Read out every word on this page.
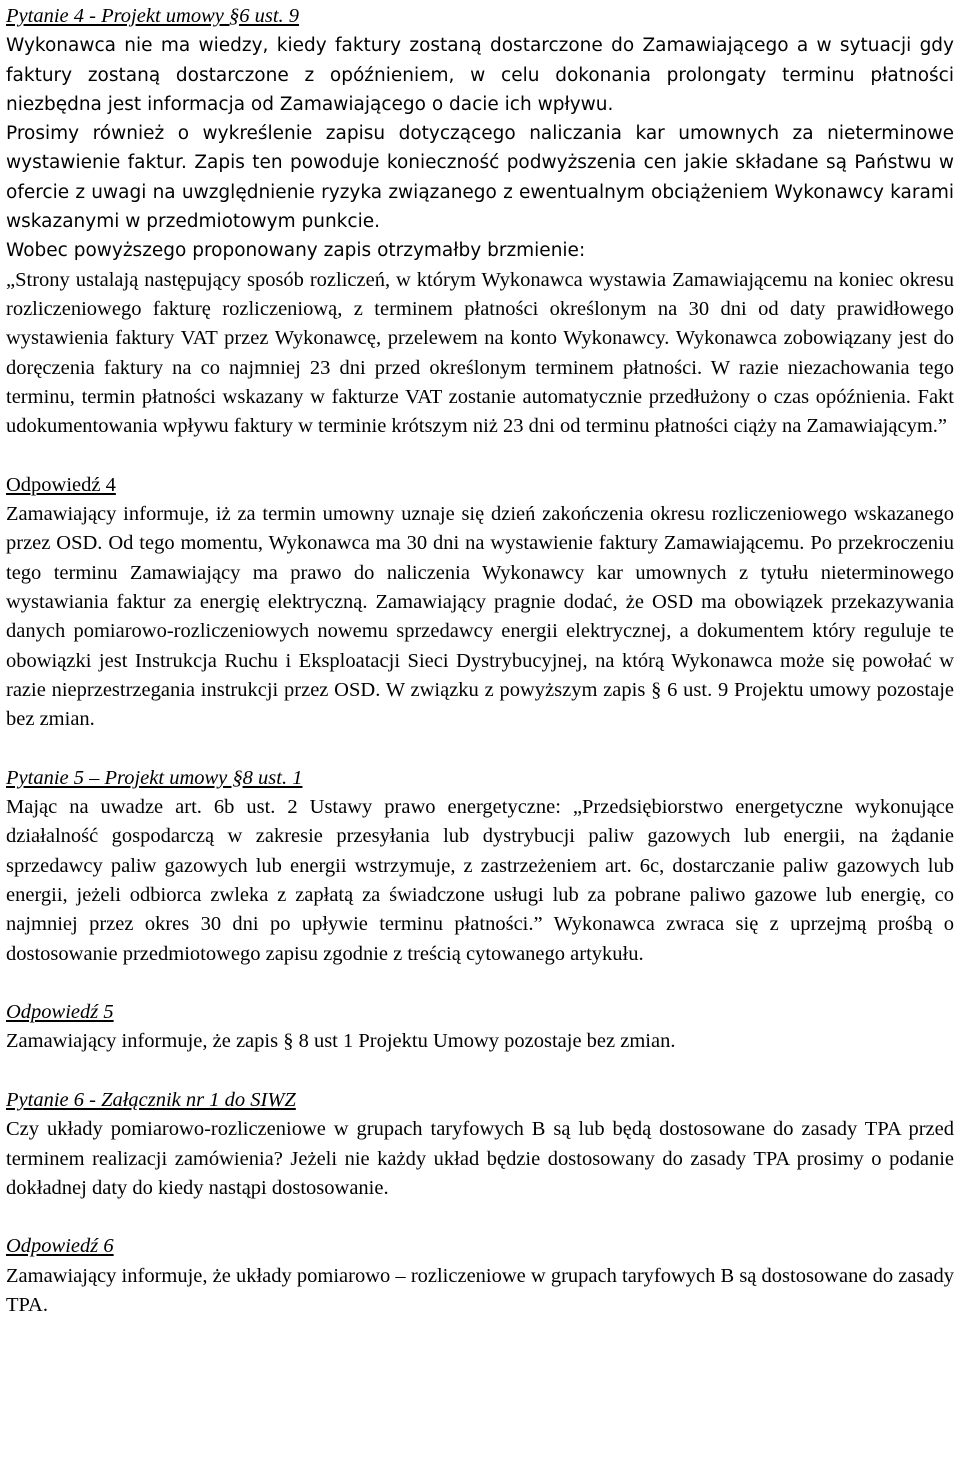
Pytanie 4 - Projekt umowy §6 ust. 9

Wykonawca nie ma wiedzy, kiedy faktury zostaną dostarczone do Zamawiającego a w sytuacji gdy faktury zostaną dostarczone z opóźnieniem, w celu dokonania prolongaty terminu płatności niezbędna jest informacja od Zamawiającego o dacie ich wpływu.

Prosimy również o wykreślenie zapisu dotyczącego naliczania kar umownych za nieterminowe wystawienie faktur. Zapis ten powoduje konieczność podwyższenia cen jakie składane są Państwu w ofercie z uwagi na uwzględnienie ryzyka związanego z ewentualnym obciążeniem Wykonawcy karami wskazanymi w przedmiotowym punkcie.

Wobec powyższego proponowany zapis otrzymałby brzmienie:

„Strony ustalają następujący sposób rozliczeń, w którym Wykonawca wystawia Zamawiającemu na koniec okresu rozliczeniowego fakturę rozliczeniową, z terminem płatności określonym na 30 dni od daty prawidłowego wystawienia faktury VAT przez Wykonawcę, przelewem na konto Wykonawcy. Wykonawca zobowiązany jest do doręczenia faktury na co najmniej 23 dni przed określonym terminem płatności. W razie niezachowania tego terminu, termin płatności wskazany w fakturze VAT zostanie automatycznie przedłużony o czas opóźnienia. Fakt udokumentowania wpływu faktury w terminie krótszym niż 23 dni od terminu płatności ciąży na Zamawiającym.”

Odpowiedź 4

Zamawiający informuje, iż za termin umowny uznaje się dzień zakończenia okresu rozliczeniowego wskazanego przez OSD. Od tego momentu, Wykonawca ma 30 dni na wystawienie faktury Zamawiającemu. Po przekroczeniu tego terminu Zamawiający ma prawo do naliczenia Wykonawcy kar umownych z tytułu nieterminowego wystawiania faktur za energię elektryczną. Zamawiający pragnie dodać, że OSD ma obowiązek przekazywania danych pomiarowo-rozliczeniowych nowemu sprzedawcy energii elektrycznej, a dokumentem który reguluje te obowiązki jest Instrukcja Ruchu i Eksploatacji Sieci Dystrybucyjnej, na którą Wykonawca może się powołać w razie nieprzestrzegania instrukcji przez OSD. W związku z powyższym zapis § 6 ust. 9 Projektu umowy pozostaje bez zmian.

Pytanie 5 – Projekt umowy §8 ust. 1

Mając na uwadze art. 6b ust. 2 Ustawy prawo energetyczne: „Przedsiębiorstwo energetyczne wykonujące działalność gospodarczą w zakresie przesyłania lub dystrybucji paliw gazowych lub energii, na żądanie sprzedawcy paliw gazowych lub energii wstrzymuje, z zastrzeżeniem art. 6c, dostarczanie paliw gazowych lub energii, jeżeli odbiorca zwleka z zapłatą za świadczone usługi lub za pobrane paliwo gazowe lub energię, co najmniej przez okres 30 dni po upływie terminu płatności.” Wykonawca zwraca się z uprzejmą prośbą o dostosowanie przedmiotowego zapisu zgodnie z treścią cytowanego artykułu.

Odpowiedź 5

Zamawiający informuje, że zapis § 8 ust 1 Projektu Umowy pozostaje bez zmian.

Pytanie 6 - Załącznik nr 1 do SIWZ

Czy układy pomiarowo-rozliczeniowe w grupach taryfowych B są lub będą dostosowane do zasady TPA przed terminem realizacji zamówienia? Jeżeli nie każdy układ będzie dostosowany do zasady TPA prosimy o podanie dokładnej daty do kiedy nastąpi dostosowanie.

Odpowiedź 6

Zamawiający informuje, że układy pomiarowo – rozliczeniowe w grupach taryfowych B są dostosowane do zasady TPA.
